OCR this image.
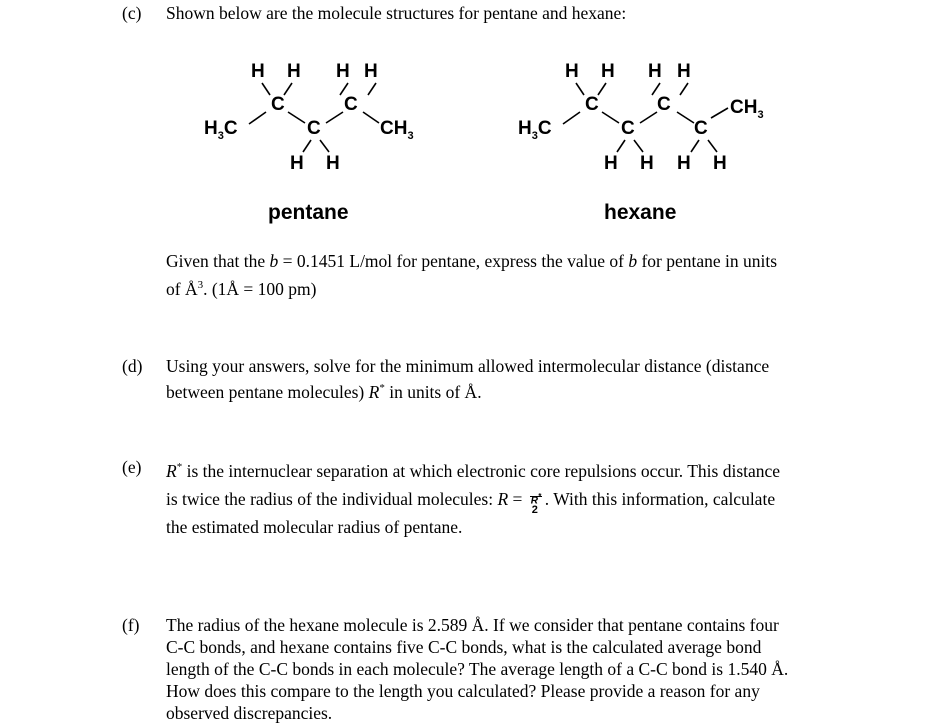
(c)	Shown below are the molecule structures for pentane and hexane:
H H H H
C	C
C
$H_3C$	$CH_3$
H H
H H H H
C	C
C	C
$H_3C$
$CH_3$
H H H H
pentane	hexane
Given that the b = 0.1451 L/mol for pentane, express the value of b for pentane in units
of $Å^3$. (1Å = 100 pm)
(d)	Using your answers, solve for the minimum allowed intermolecular distance (distance
between pentane molecules) R* in units of Å.
(e)	R* is the internuclear separation at which electronic core repulsions occur. This distance
is twice the radius of the individual molecules: R = R*
2
. With this information, calculate
the estimated molecular radius of pentane.
(f)	The radius of the hexane molecule is 2.589 Å. If we consider that pentane contains four
C-C bonds, and hexane contains five C-C bonds, what is the calculated average bond
length of the C-C bonds in each molecule? The average length of a C-C bond is 1.540 Å.
How does this compare to the length you calculated? Please provide a reason for any
observed discrepancies.
